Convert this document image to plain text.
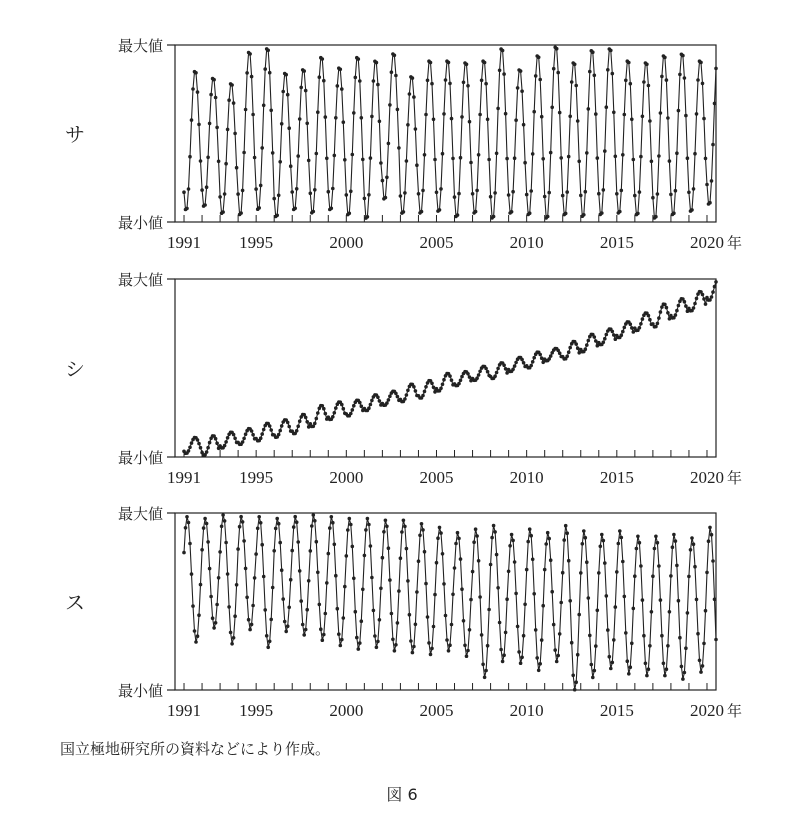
最大値
最小値
サ
1991 1995	2000	2005	2010	2015	2020 年
最大値
最小値
シ
1991 1995	2000	2005	2010	2015	2020 年
最大値
最小値
ス
1991 1995	2000	2005	2010	2015	2020 年
国立極地研究所の資料などにより作成。
図 6
